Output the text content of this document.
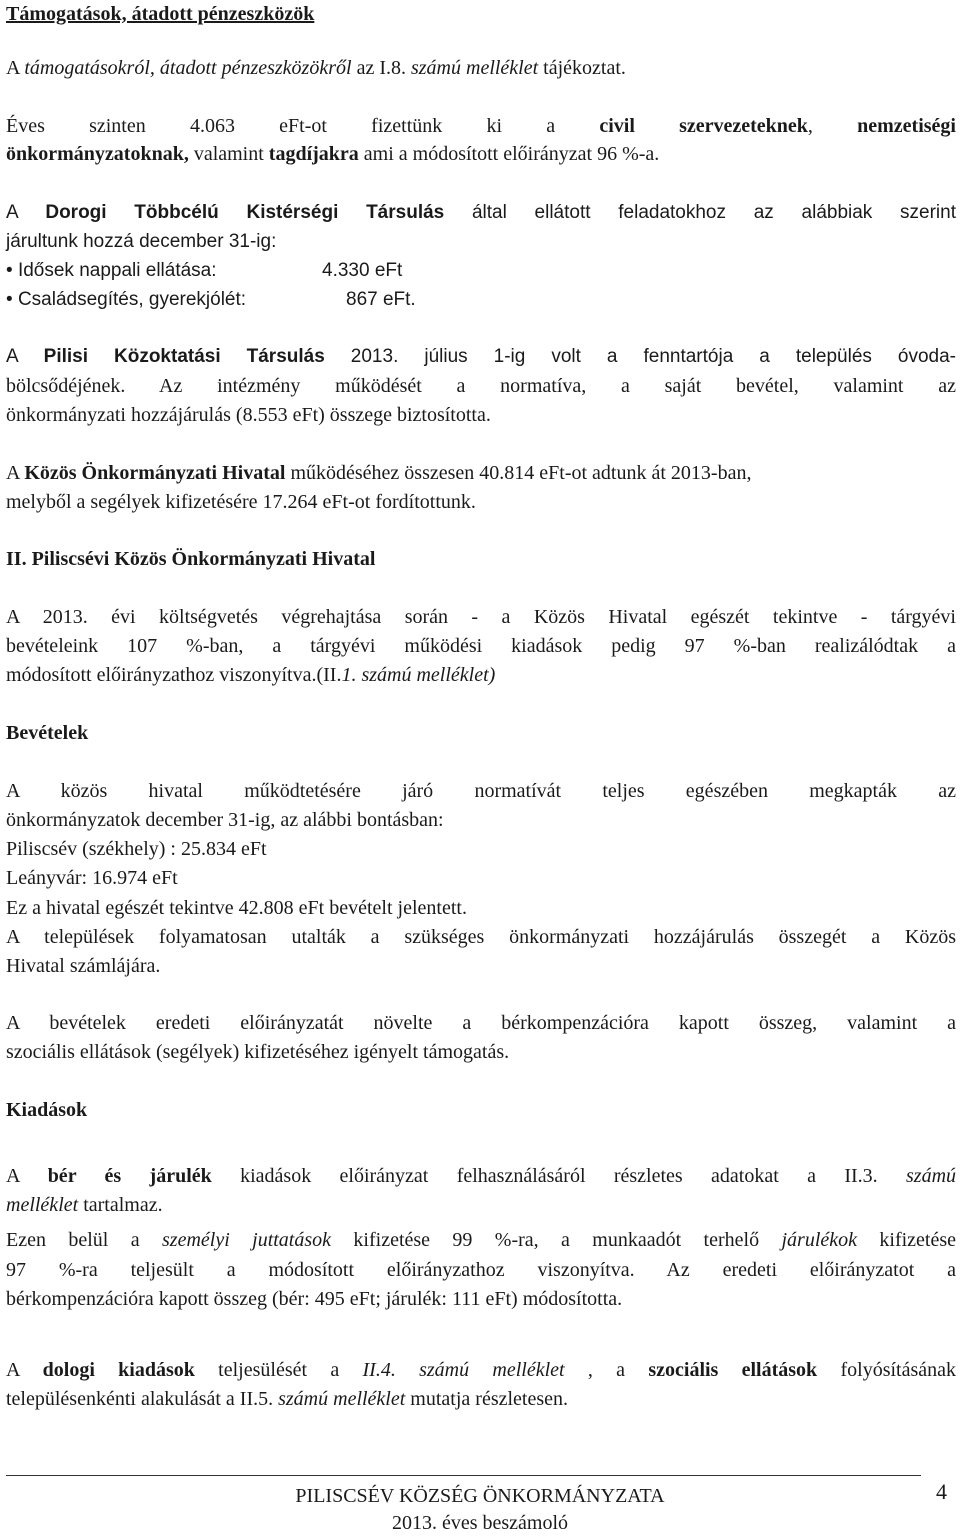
Támogatások, átadott pénzeszközök
A támogatásokról, átadott pénzeszközökről az I.8. számú melléklet tájékoztat.
Éves szinten 4.063 eFt-ot fizettünk ki a civil szervezeteknek, nemzetiségi
önkormányzatoknak, valamint tagdíjakra ami a módosított előirányzat 96 %-a.
A Dorogi Többcélú Kistérségi Társulás által ellátott feladatokhoz az alábbiak szerint
járultunk hozzá december 31-ig:
• Idősek nappali ellátása:	4.330 eFt
• Családsegítés, gyerekjólét:	867 eFt.
A Pilisi Közoktatási Társulás 2013. július 1-ig volt a fenntartója a település óvoda-
bölcsődéjének. Az intézmény működését a normatíva, a saját bevétel, valamint az
önkormányzati hozzájárulás (8.553 eFt) összege biztosította.
A Közös Önkormányzati Hivatal működéséhez összesen 40.814 eFt-ot adtunk át 2013-ban,
melyből a segélyek kifizetésére 17.264 eFt-ot fordítottunk.
II. Piliscsévi Közös Önkormányzati Hivatal
A 2013. évi költségvetés végrehajtása során - a Közös Hivatal egészét tekintve - tárgyévi
bevételeink 107 %-ban, a tárgyévi működési kiadások pedig 97 %-ban realizálódtak a
módosított előirányzathoz viszonyítva.(II.1. számú melléklet)
Bevételek
A közös hivatal működtetésére járó normatívát teljes egészében megkapták az
önkormányzatok december 31-ig, az alábbi bontásban:
Piliscsév (székhely) : 25.834 eFt
Leányvár: 16.974 eFt
Ez a hivatal egészét tekintve 42.808 eFt bevételt jelentett.
A települések folyamatosan utalták a szükséges önkormányzati hozzájárulás összegét a Közös
Hivatal számlájára.
A bevételek eredeti előirányzatát növelte a bérkompenzációra kapott összeg, valamint a
szociális ellátások (segélyek) kifizetéséhez igényelt támogatás.
Kiadások
A bér és járulék kiadások előirányzat felhasználásáról részletes adatokat a II.3. számú
melléklet tartalmaz.
Ezen belül a személyi juttatások kifizetése 99 %-ra, a munkaadót terhelő járulékok kifizetése
97 %-ra teljesült a módosított előirányzathoz viszonyítva. Az eredeti előirányzatot a
bérkompenzációra kapott összeg (bér: 495 eFt; járulék: 111 eFt) módosította.
A dologi kiadások teljesülését a II.4. számú melléklet , a szociális ellátások folyósításának
településenkénti alakulását a II.5. számú melléklet mutatja részletesen.
PILISCSÉV KÖZSÉG ÖNKORMÁNYZATA
2013. éves beszámoló
4
